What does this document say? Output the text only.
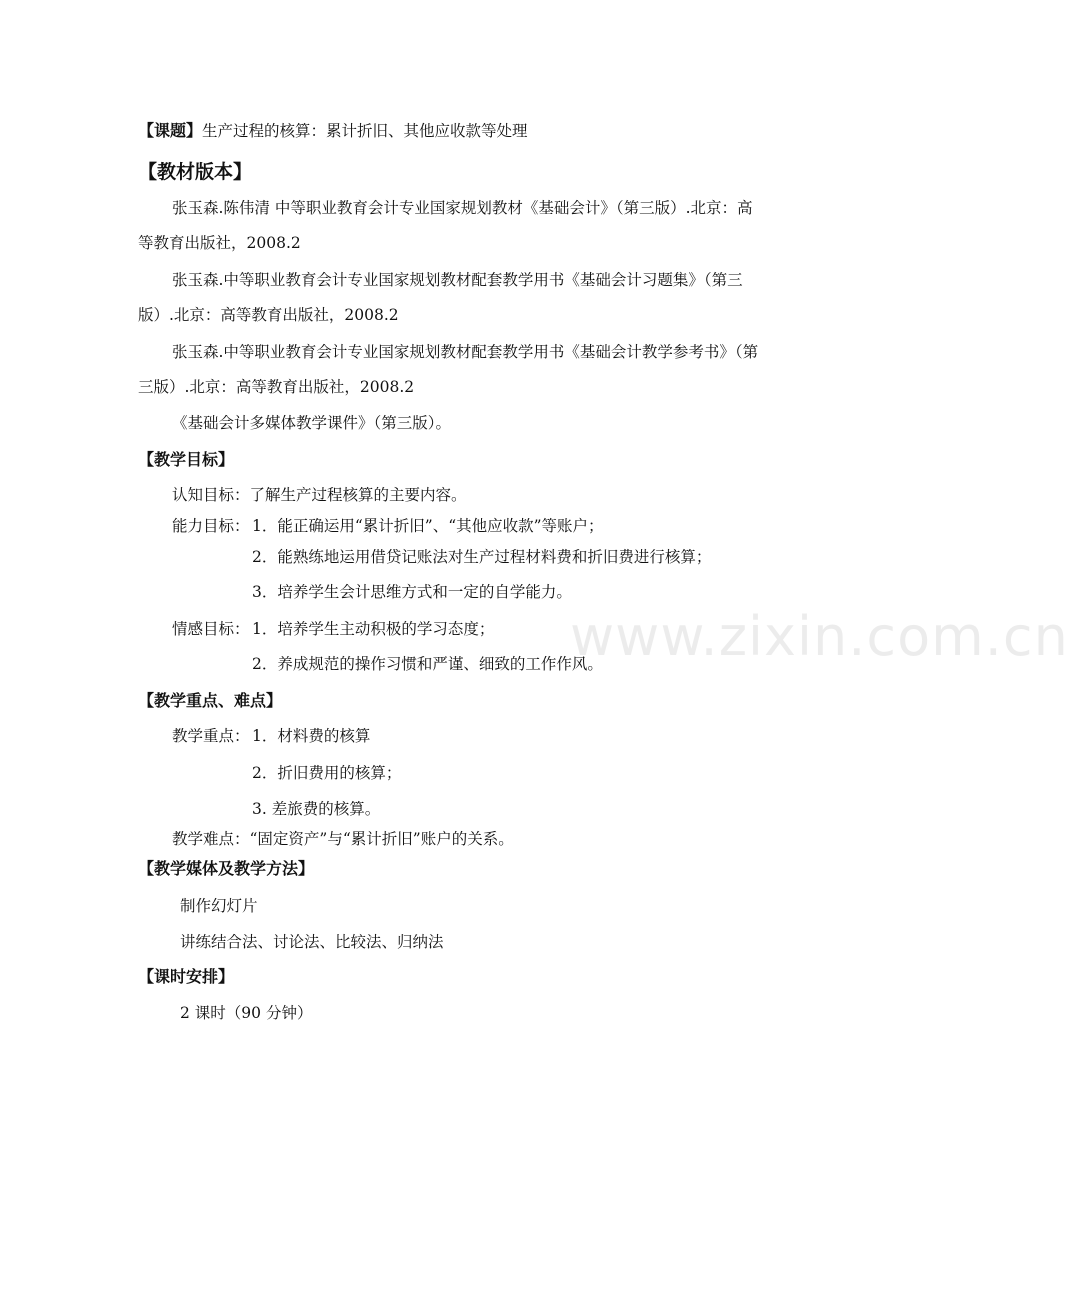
【课题】生产过程的核算：累计折旧、其他应收款等处理
【教材版本】
张玉森.陈伟清 中等职业教育会计专业国家规划教材《基础会计》（第三版）.北京：高
等教育出版社，2008.2
张玉森.中等职业教育会计专业国家规划教材配套教学用书《基础会计习题集》（第三
版）.北京：高等教育出版社，2008.2
张玉森.中等职业教育会计专业国家规划教材配套教学用书《基础会计教学参考书》（第
三版）.北京：高等教育出版社，2008.2
《基础会计多媒体教学课件》（第三版）。
【教学目标】
认知目标：了解生产过程核算的主要内容。
能力目标： 1．能正确运用“累计折旧”、“其他应收款”等账户；
2．能熟练地运用借贷记账法对生产过程材料费和折旧费进行核算；
3．培养学生会计思维方式和一定的自学能力。
情感目标： 1．培养学生主动积极的学习态度；
2．养成规范的操作习惯和严谨、细致的工作作风。
【教学重点、难点】
教学重点： 1．材料费的核算
2．折旧费用的核算；
3. 差旅费的核算。
教学难点：“固定资产”与“累计折旧”账户的关系。
【教学媒体及教学方法】
制作幻灯片
讲练结合法、讨论法、比较法、归纳法
【课时安排】
2 课时（90 分钟）
www.zixin.com.cn
